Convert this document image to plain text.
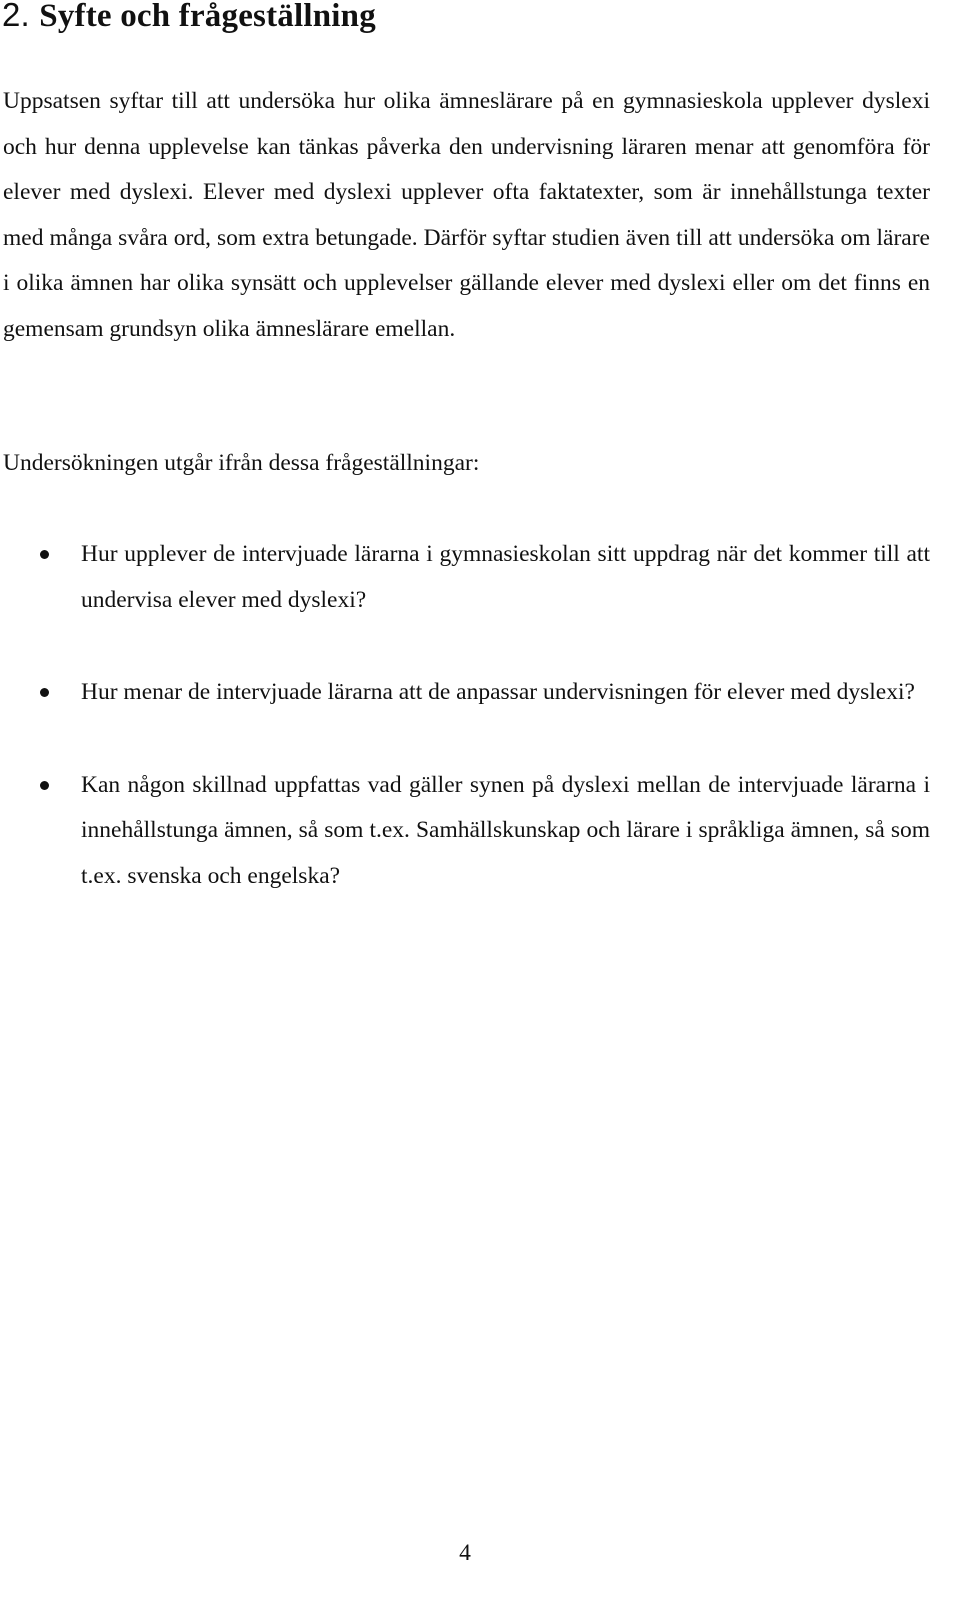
2. Syfte och frågeställning

Uppsatsen syftar till att undersöka hur olika ämneslärare på en gymnasieskola upplever dyslexi och hur denna upplevelse kan tänkas påverka den undervisning läraren menar att genomföra för elever med dyslexi. Elever med dyslexi upplever ofta faktatexter, som är innehållstunga texter med många svåra ord, som extra betungade. Därför syftar studien även till att undersöka om lärare i olika ämnen har olika synsätt och upplevelser gällande elever med dyslexi eller om det finns en gemensam grundsyn olika ämneslärare emellan.

Undersökningen utgår ifrån dessa frågeställningar:

Hur upplever de intervjuade lärarna i gymnasieskolan sitt uppdrag när det kommer till att undervisa elever med dyslexi?
Hur menar de intervjuade lärarna att de anpassar undervisningen för elever med dyslexi?
Kan någon skillnad uppfattas vad gäller synen på dyslexi mellan de intervjuade lärarna i innehållstunga ämnen, så som t.ex. Samhällskunskap och lärare i språkliga ämnen, så som t.ex. svenska och engelska?

4
